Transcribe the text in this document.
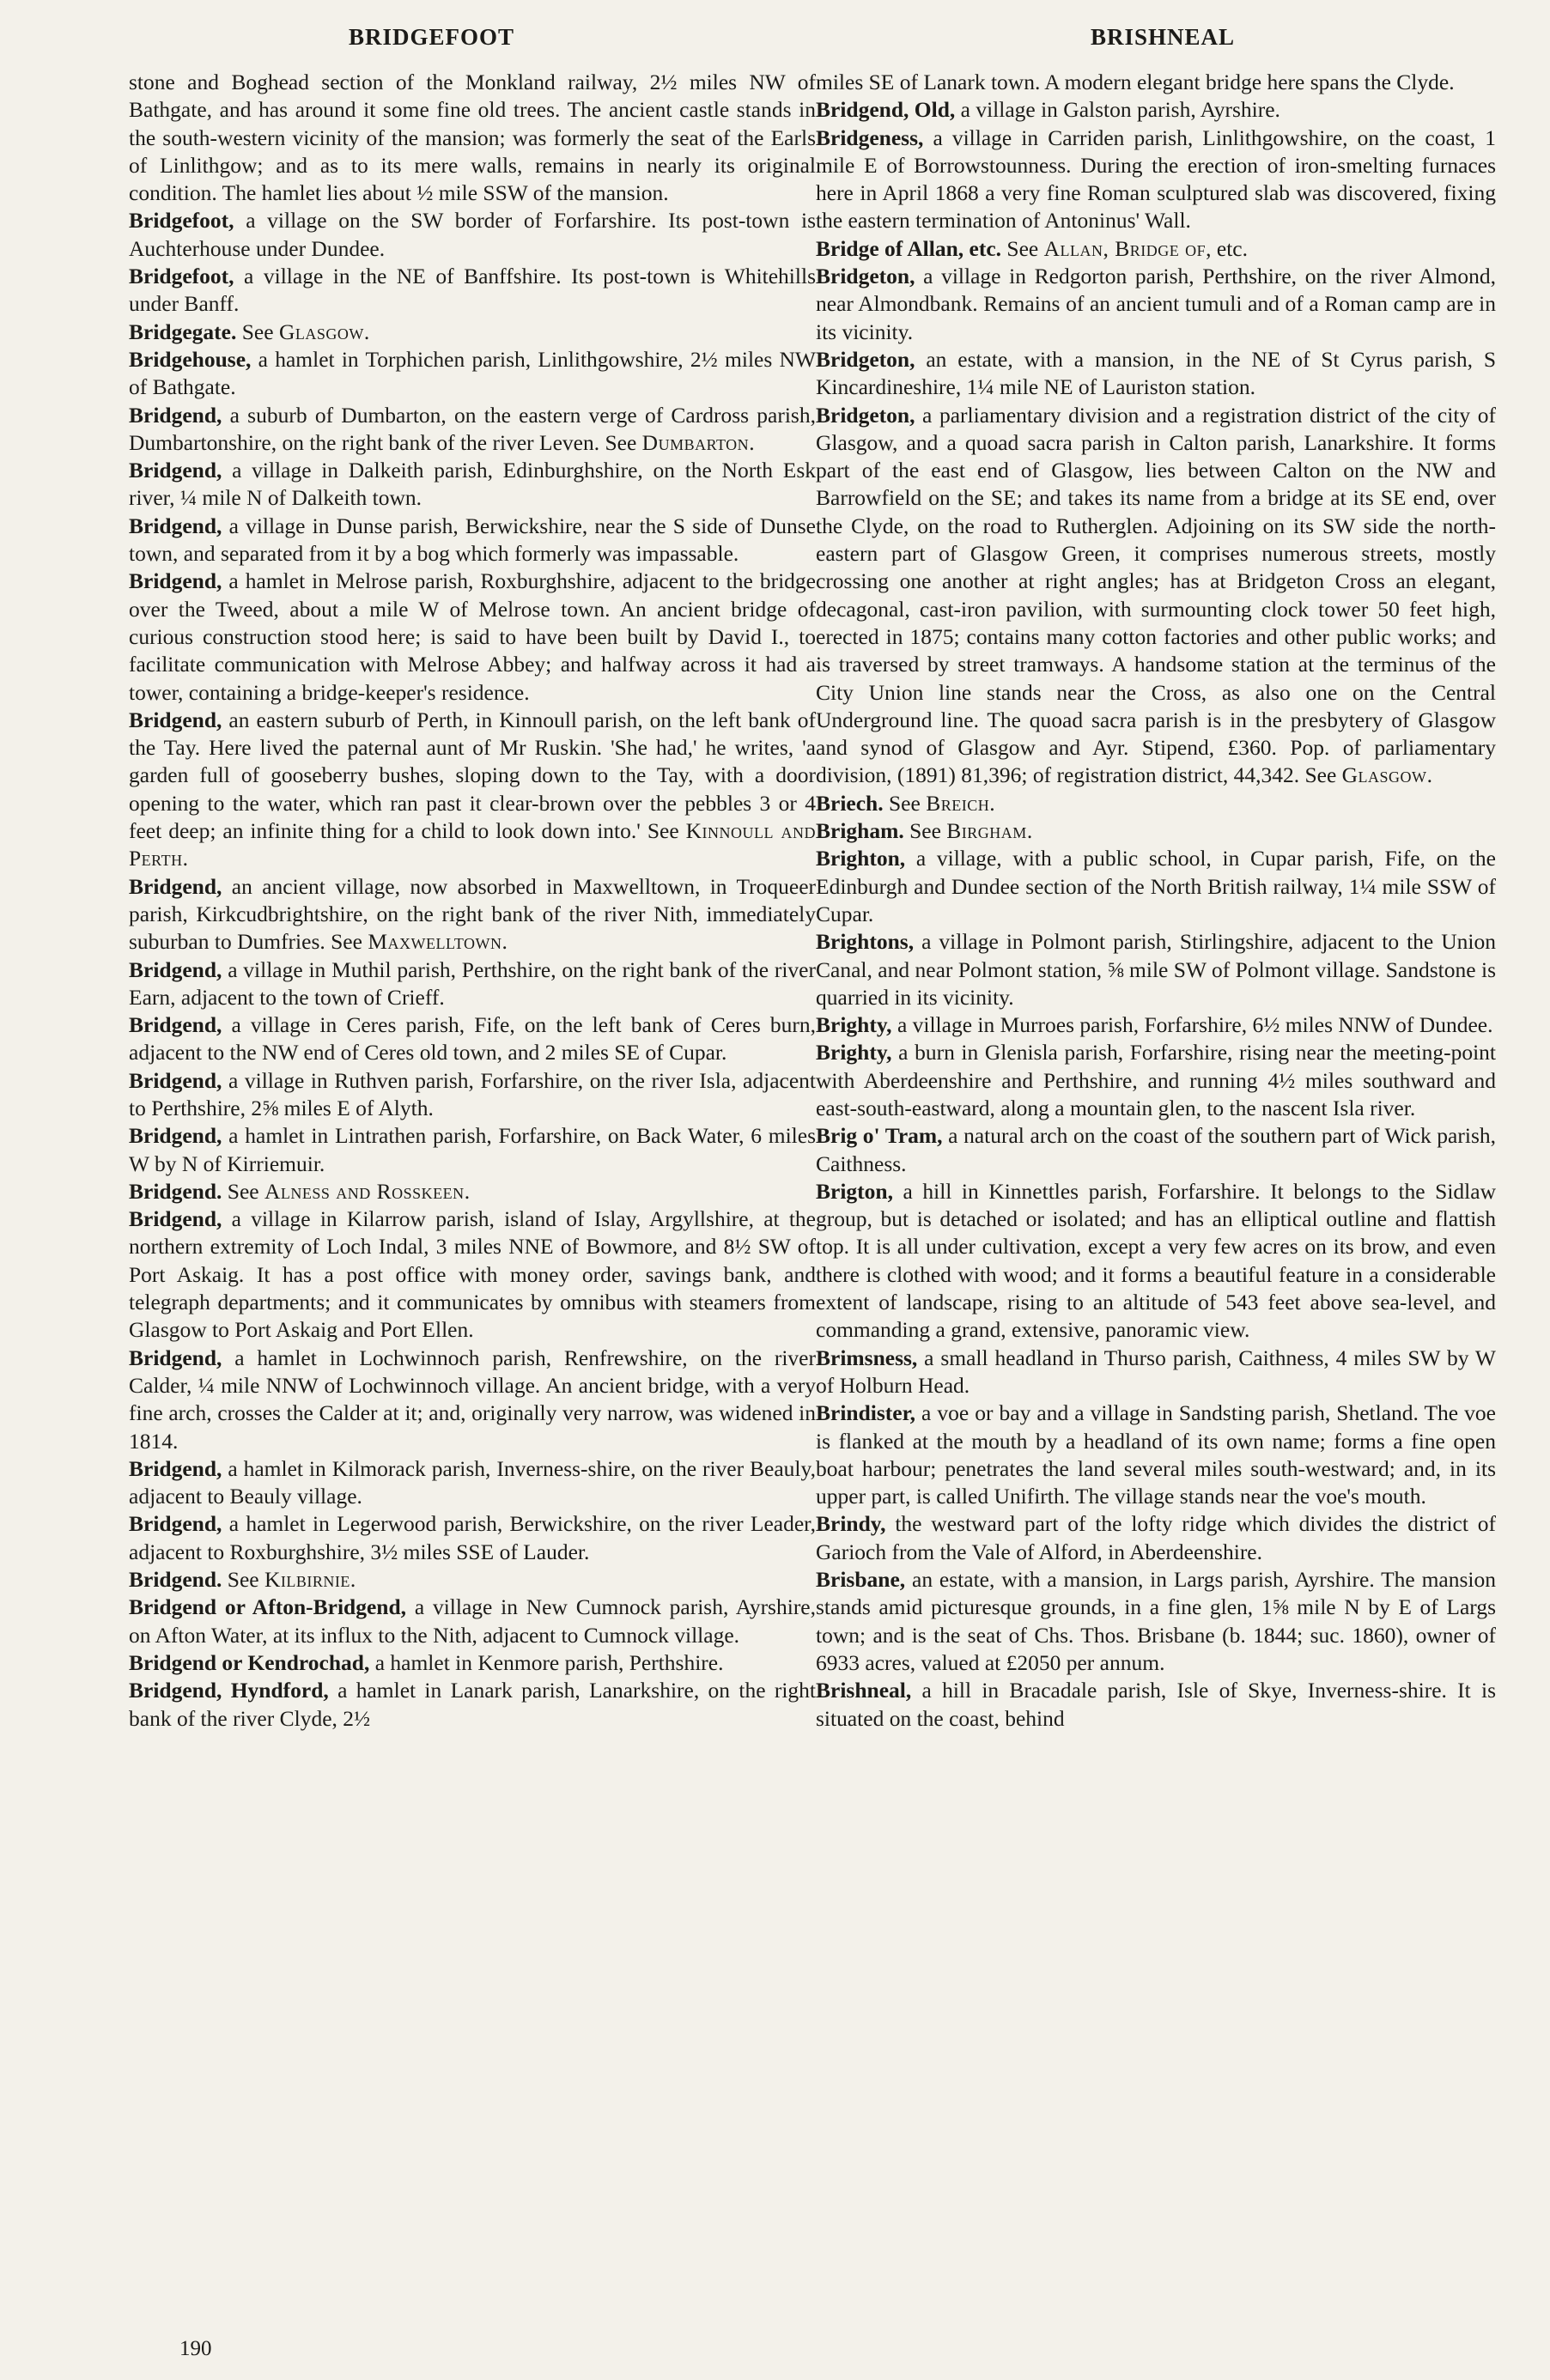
BRIDGEFOOT	BRISHNEAL

stone and Boghead section of the Monkland railway, 2½ miles NW of Bathgate, and has around it some fine old trees. The ancient castle stands in the south-western vicinity of the mansion; was formerly the seat of the Earls of Linlithgow; and as to its mere walls, remains in nearly its original condition. The hamlet lies about ½ mile SSW of the mansion.

Bridgefoot, a village on the SW border of Forfarshire. Its post-town is Auchterhouse under Dundee.

Bridgefoot, a village in the NE of Banffshire. Its post-town is Whitehills under Banff.

Bridgegate. See Glasgow.

Bridgehouse, a hamlet in Torphichen parish, Linlithgowshire, 2½ miles NW of Bathgate.

Bridgend, a suburb of Dumbarton, on the eastern verge of Cardross parish, Dumbartonshire, on the right bank of the river Leven. See Dumbarton.

Bridgend, a village in Dalkeith parish, Edinburghshire, on the North Esk river, ¼ mile N of Dalkeith town.

Bridgend, a village in Dunse parish, Berwickshire, near the S side of Dunse town, and separated from it by a bog which formerly was impassable.

Bridgend, a hamlet in Melrose parish, Roxburghshire, adjacent to the bridge over the Tweed, about a mile W of Melrose town. An ancient bridge of curious construction stood here; is said to have been built by David I., to facilitate communication with Melrose Abbey; and halfway across it had a tower, containing a bridge-keeper's residence.

Bridgend, an eastern suburb of Perth, in Kinnoull parish, on the left bank of the Tay. Here lived the paternal aunt of Mr Ruskin. 'She had,' he writes, 'a garden full of gooseberry bushes, sloping down to the Tay, with a door opening to the water, which ran past it clear-brown over the pebbles 3 or 4 feet deep; an infinite thing for a child to look down into.' See Kinnoull and Perth.

Bridgend, an ancient village, now absorbed in Maxwelltown, in Troqueer parish, Kirkcudbrightshire, on the right bank of the river Nith, immediately suburban to Dumfries. See Maxwelltown.

Bridgend, a village in Muthil parish, Perthshire, on the right bank of the river Earn, adjacent to the town of Crieff.

Bridgend, a village in Ceres parish, Fife, on the left bank of Ceres burn, adjacent to the NW end of Ceres old town, and 2 miles SE of Cupar.

Bridgend, a village in Ruthven parish, Forfarshire, on the river Isla, adjacent to Perthshire, 2⅝ miles E of Alyth.

Bridgend, a hamlet in Lintrathen parish, Forfarshire, on Back Water, 6 miles W by N of Kirriemuir.

Bridgend. See Alness and Rosskeen.

Bridgend, a village in Kilarrow parish, island of Islay, Argyllshire, at the northern extremity of Loch Indal, 3 miles NNE of Bowmore, and 8½ SW of Port Askaig. It has a post office with money order, savings bank, and telegraph departments; and it communicates by omnibus with steamers from Glasgow to Port Askaig and Port Ellen.

Bridgend, a hamlet in Lochwinnoch parish, Renfrewshire, on the river Calder, ¼ mile NNW of Lochwinnoch village. An ancient bridge, with a very fine arch, crosses the Calder at it; and, originally very narrow, was widened in 1814.

Bridgend, a hamlet in Kilmorack parish, Inverness-shire, on the river Beauly, adjacent to Beauly village.

Bridgend, a hamlet in Legerwood parish, Berwickshire, on the river Leader, adjacent to Roxburghshire, 3½ miles SSE of Lauder.

Bridgend. See Kilbirnie.

Bridgend or Afton-Bridgend, a village in New Cumnock parish, Ayrshire, on Afton Water, at its influx to the Nith, adjacent to Cumnock village.

Bridgend or Kendrochad, a hamlet in Kenmore parish, Perthshire.

Bridgend, Hyndford, a hamlet in Lanark parish, Lanarkshire, on the right bank of the river Clyde, 2½

miles SE of Lanark town. A modern elegant bridge here spans the Clyde.

Bridgend, Old, a village in Galston parish, Ayrshire.

Bridgeness, a village in Carriden parish, Linlithgowshire, on the coast, 1 mile E of Borrowstounness. During the erection of iron-smelting furnaces here in April 1868 a very fine Roman sculptured slab was discovered, fixing the eastern termination of Antoninus' Wall.

Bridge of Allan, etc. See Allan, Bridge of, etc.

Bridgeton, a village in Redgorton parish, Perthshire, on the river Almond, near Almondbank. Remains of an ancient tumuli and of a Roman camp are in its vicinity.

Bridgeton, an estate, with a mansion, in the NE of St Cyrus parish, S Kincardineshire, 1¼ mile NE of Lauriston station.

Bridgeton, a parliamentary division and a registration district of the city of Glasgow, and a quoad sacra parish in Calton parish, Lanarkshire. It forms part of the east end of Glasgow, lies between Calton on the NW and Barrowfield on the SE; and takes its name from a bridge at its SE end, over the Clyde, on the road to Rutherglen. Adjoining on its SW side the north-eastern part of Glasgow Green, it comprises numerous streets, mostly crossing one another at right angles; has at Bridgeton Cross an elegant, decagonal, cast-iron pavilion, with surmounting clock tower 50 feet high, erected in 1875; contains many cotton factories and other public works; and is traversed by street tramways. A handsome station at the terminus of the City Union line stands near the Cross, as also one on the Central Underground line. The quoad sacra parish is in the presbytery of Glasgow and synod of Glasgow and Ayr. Stipend, £360. Pop. of parliamentary division, (1891) 81,396; of registration district, 44,342. See Glasgow.

Briech. See Breich.

Brigham. See Birgham.

Brighton, a village, with a public school, in Cupar parish, Fife, on the Edinburgh and Dundee section of the North British railway, 1¼ mile SSW of Cupar.

Brightons, a village in Polmont parish, Stirlingshire, adjacent to the Union Canal, and near Polmont station, ⅝ mile SW of Polmont village. Sandstone is quarried in its vicinity.

Brighty, a village in Murroes parish, Forfarshire, 6½ miles NNW of Dundee.

Brighty, a burn in Glenisla parish, Forfarshire, rising near the meeting-point with Aberdeenshire and Perthshire, and running 4½ miles southward and east-south-eastward, along a mountain glen, to the nascent Isla river.

Brig o' Tram, a natural arch on the coast of the southern part of Wick parish, Caithness.

Brigton, a hill in Kinnettles parish, Forfarshire. It belongs to the Sidlaw group, but is detached or isolated; and has an elliptical outline and flattish top. It is all under cultivation, except a very few acres on its brow, and even there is clothed with wood; and it forms a beautiful feature in a considerable extent of landscape, rising to an altitude of 543 feet above sea-level, and commanding a grand, extensive, panoramic view.

Brimsness, a small headland in Thurso parish, Caithness, 4 miles SW by W of Holburn Head.

Brindister, a voe or bay and a village in Sandsting parish, Shetland. The voe is flanked at the mouth by a headland of its own name; forms a fine open boat harbour; penetrates the land several miles south-westward; and, in its upper part, is called Unifirth. The village stands near the voe's mouth.

Brindy, the westward part of the lofty ridge which divides the district of Garioch from the Vale of Alford, in Aberdeenshire.

Brisbane, an estate, with a mansion, in Largs parish, Ayrshire. The mansion stands amid picturesque grounds, in a fine glen, 1⅝ mile N by E of Largs town; and is the seat of Chs. Thos. Brisbane (b. 1844; suc. 1860), owner of 6933 acres, valued at £2050 per annum.

Brishneal, a hill in Bracadale parish, Isle of Skye, Inverness-shire. It is situated on the coast, behind

190
